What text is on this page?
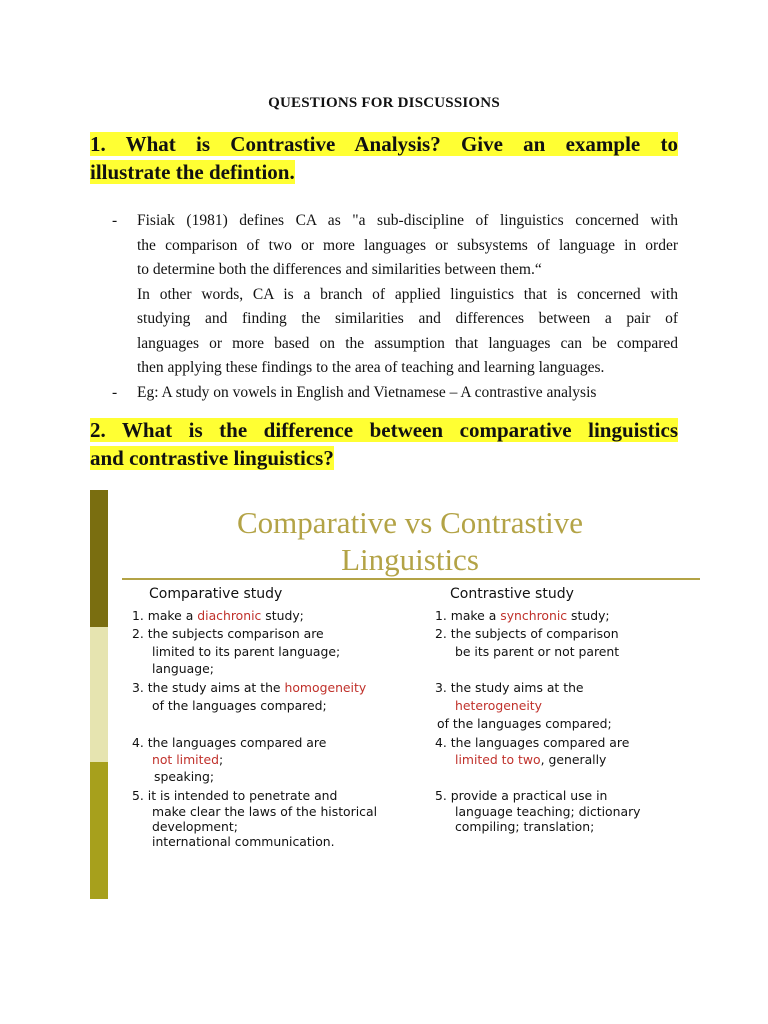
QUESTIONS FOR DISCUSSIONS
1. What is Contrastive Analysis? Give an example to
illustrate the defintion.
- Fisiak (1981) defines CA as "a sub-discipline of linguistics concerned with
the comparison of two or more languages or subsystems of language in order
to determine both the differences and similarities between them.“
In other words, CA is a branch of applied linguistics that is concerned with
studying and finding the similarities and differences between a pair of
languages or more based on the assumption that languages can be compared
then applying these findings to the area of teaching and learning languages.
- Eg: A study on vowels in English and Vietnamese – A contrastive analysis
2. What is the difference between comparative linguistics
and contrastive linguistics?
Comparative vs Contrastive
Linguistics
Comparative study
1. make a diachronic study;
2. the subjects comparison are
limited to its parent language;
language;
3. the study aims at the homogeneity
of the languages compared;
4. the languages compared are
not limited;
speaking;
5. it is intended to penetrate and
make clear the laws of the historical
development;
international communication.
Contrastive study
1. make a synchronic study;
2. the subjects of comparison
be its parent or not parent
3. the study aims at the
heterogeneity
of the languages compared;
4. the languages compared are
limited to two, generally
5. provide a practical use in
language teaching; dictionary
compiling; translation;
